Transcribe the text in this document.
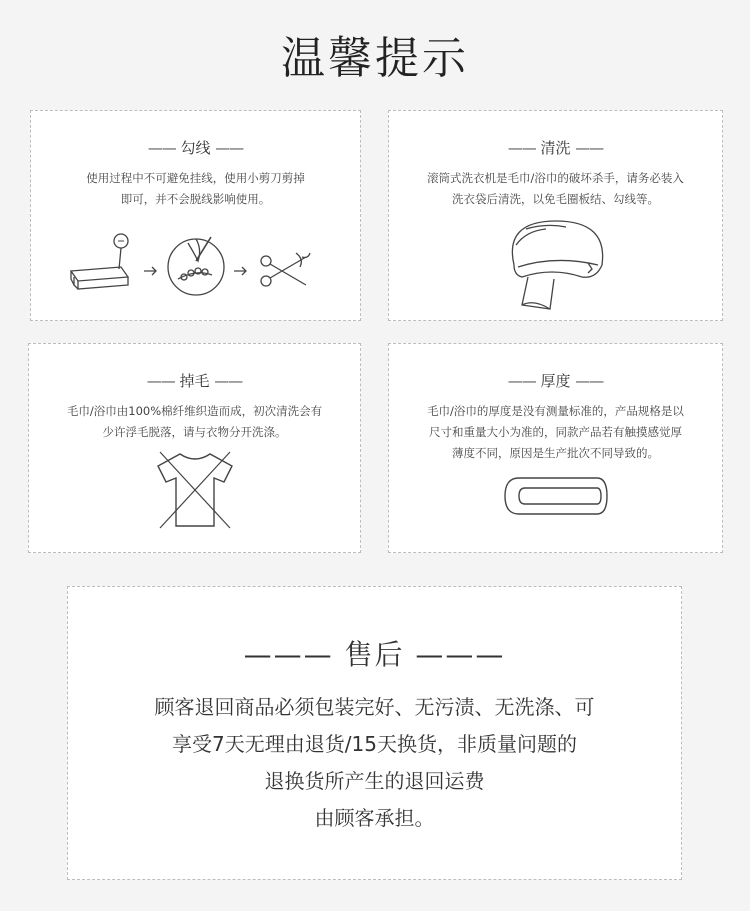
温馨提示
—— 勾线 ——
使用过程中不可避免挂线，使用小剪刀剪掉
即可，并不会脱线影响使用。
—— 清洗 ——
滚筒式洗衣机是毛巾/浴巾的破坏杀手，请务必装入
洗衣袋后清洗，以免毛圈板结、勾线等。
—— 掉毛 ——
毛巾/浴巾由100%棉纤维织造而成，初次清洗会有
少许浮毛脱落，请与衣物分开洗涤。
—— 厚度 ——
毛巾/浴巾的厚度是没有测量标准的，产品规格是以
尺寸和重量大小为准的，同款产品若有触摸感觉厚
薄度不同，原因是生产批次不同导致的。
——— 售后 ———
顾客退回商品必须包装完好、无污渍、无洗涤、可
享受7天无理由退货/15天换货，非质量问题的
退换货所产生的退回运费
由顾客承担。
